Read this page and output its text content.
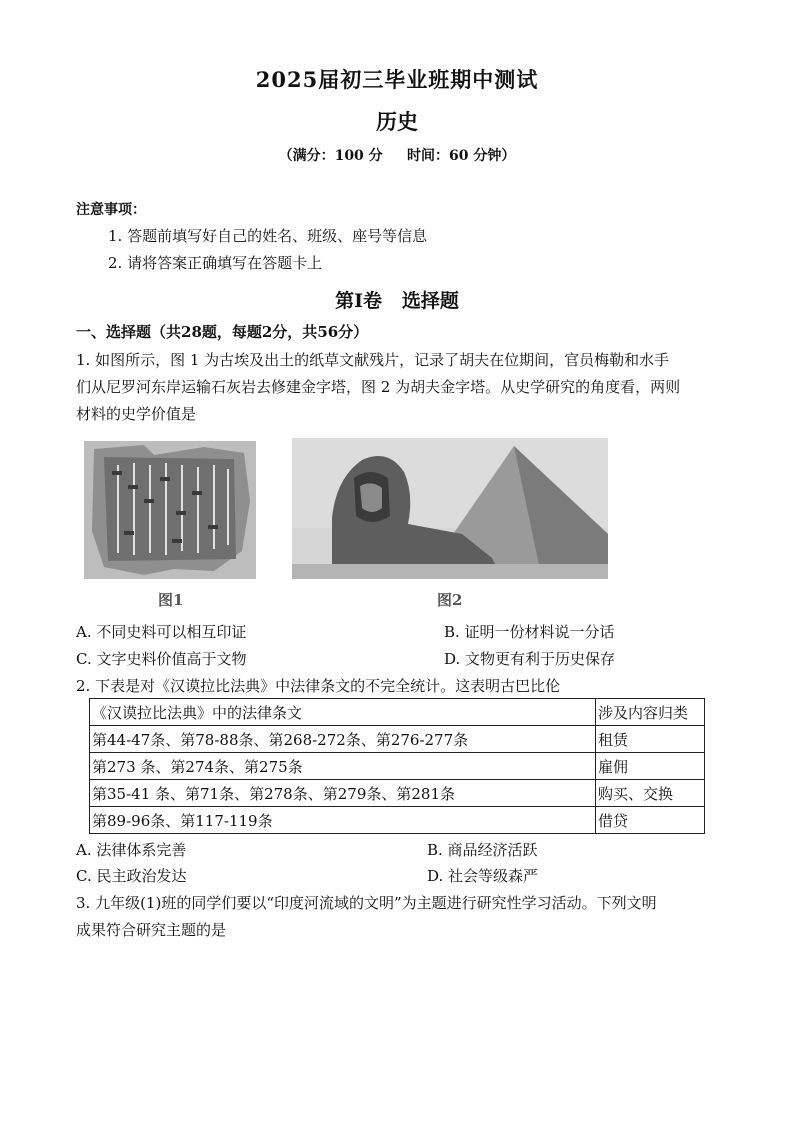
2025届初三毕业班期中测试
历史
（满分：100 分     时间：60 分钟）
注意事项：
1. 答题前填写好自己的姓名、班级、座号等信息
2. 请将答案正确填写在答题卡上
第Ⅰ卷   选择题
一、选择题（共28题，每题2分，共56分）
1. 如图所示，图 1 为古埃及出土的纸草文献残片，记录了胡夫在位期间，官员梅勒和水手
们从尼罗河东岸运输石灰岩去修建金字塔，图 2 为胡夫金字塔。从史学研究的角度看，两则
材料的史学价值是
图1	图2
A. 不同史料可以相互印证	B. 证明一份材料说一分话
C. 文字史料价值高于文物	D. 文物更有利于历史保存
2. 下表是对《汉谟拉比法典》中法律条文的不完全统计。这表明古巴比伦
《汉谟拉比法典》中的法律条文	涉及内容归类
第44-47条、第78-88条、第268-272条、第276-277条	租赁
第273 条、第274条、第275条	雇佣
第35-41 条、第71条、第278条、第279条、第281条	购买、交换
第89-96条、第117-119条	借贷
A. 法律体系完善	B. 商品经济活跃
C. 民主政治发达	D. 社会等级森严
3. 九年级(1)班的同学们要以“印度河流域的文明”为主题进行研究性学习活动。下列文明
成果符合研究主题的是
